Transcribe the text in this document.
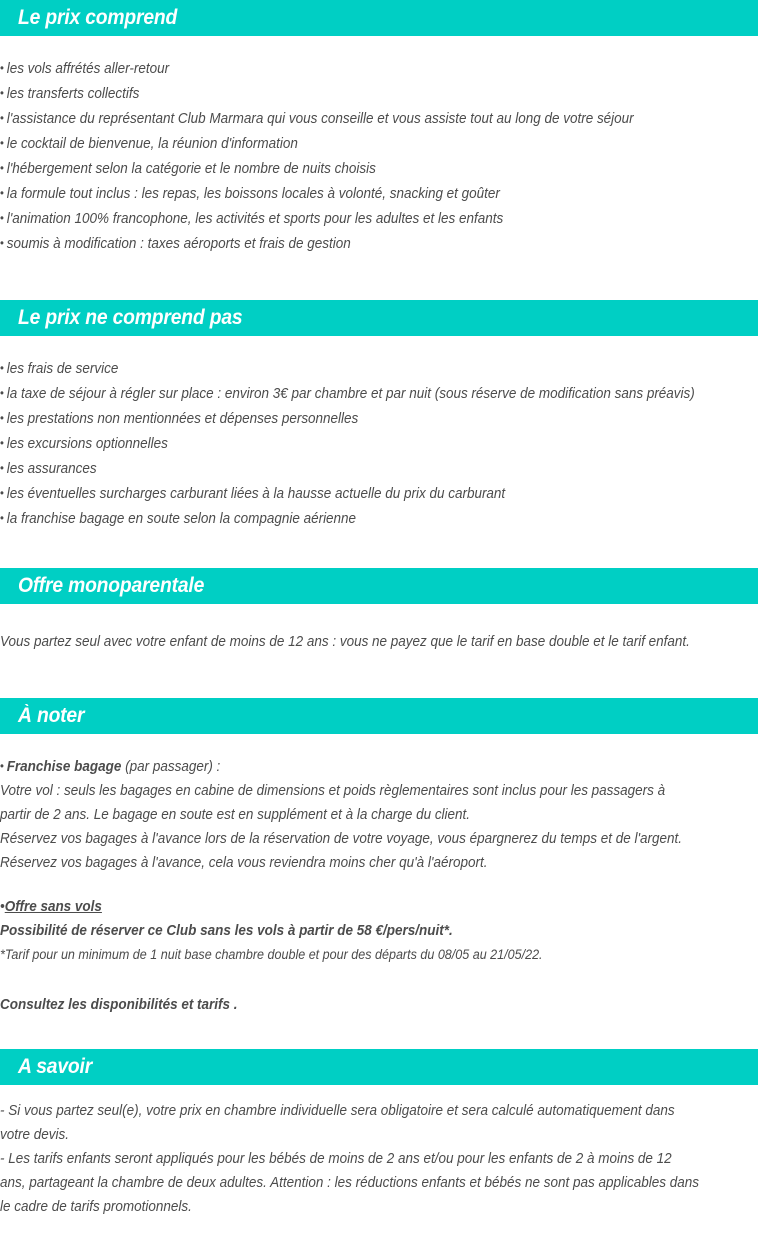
Le prix comprend
• les vols affrétés aller-retour
• les transferts collectifs
• l'assistance du représentant Club Marmara qui vous conseille et vous assiste tout au long de votre séjour
• le cocktail de bienvenue, la réunion d'information
• l'hébergement selon la catégorie et le nombre de nuits choisis
• la formule tout inclus : les repas, les boissons locales à volonté, snacking et goûter
• l'animation 100% francophone, les activités et sports pour les adultes et les enfants
• soumis à modification : taxes aéroports et frais de gestion
Le prix ne comprend pas
• les frais de service
• la taxe de séjour à régler sur place : environ 3€ par chambre et par nuit (sous réserve de modification sans préavis)
• les prestations non mentionnées et dépenses personnelles
• les excursions optionnelles
• les assurances
• les éventuelles surcharges carburant liées à la hausse actuelle du prix du carburant
• la franchise bagage en soute selon la compagnie aérienne
Offre monoparentale
Vous partez seul avec votre enfant de moins de 12 ans : vous ne payez que le tarif en base double et le tarif enfant.
À noter
• Franchise bagage (par passager) :
Votre vol : seuls les bagages en cabine de dimensions et poids règlementaires sont inclus pour les passagers à partir de 2 ans. Le bagage en soute est en supplément et à la charge du client.
Réservez vos bagages à l'avance lors de la réservation de votre voyage, vous épargnerez du temps et de l'argent.
Réservez vos bagages à l'avance, cela vous reviendra moins cher qu'à l'aéroport.
•Offre sans vols
Possibilité de réserver ce Club sans les vols à partir de 58 €/pers/nuit*.
*Tarif pour un minimum de 1 nuit base chambre double et pour des départs du 08/05 au 21/05/22.
Consultez les disponibilités et tarifs .
A savoir
- Si vous partez seul(e), votre prix en chambre individuelle sera obligatoire et sera calculé automatiquement dans votre devis.
- Les tarifs enfants seront appliqués pour les bébés de moins de 2 ans et/ou pour les enfants de 2 à moins de 12 ans, partageant la chambre de deux adultes. Attention : les réductions enfants et bébés ne sont pas applicables dans le cadre de tarifs promotionnels.
